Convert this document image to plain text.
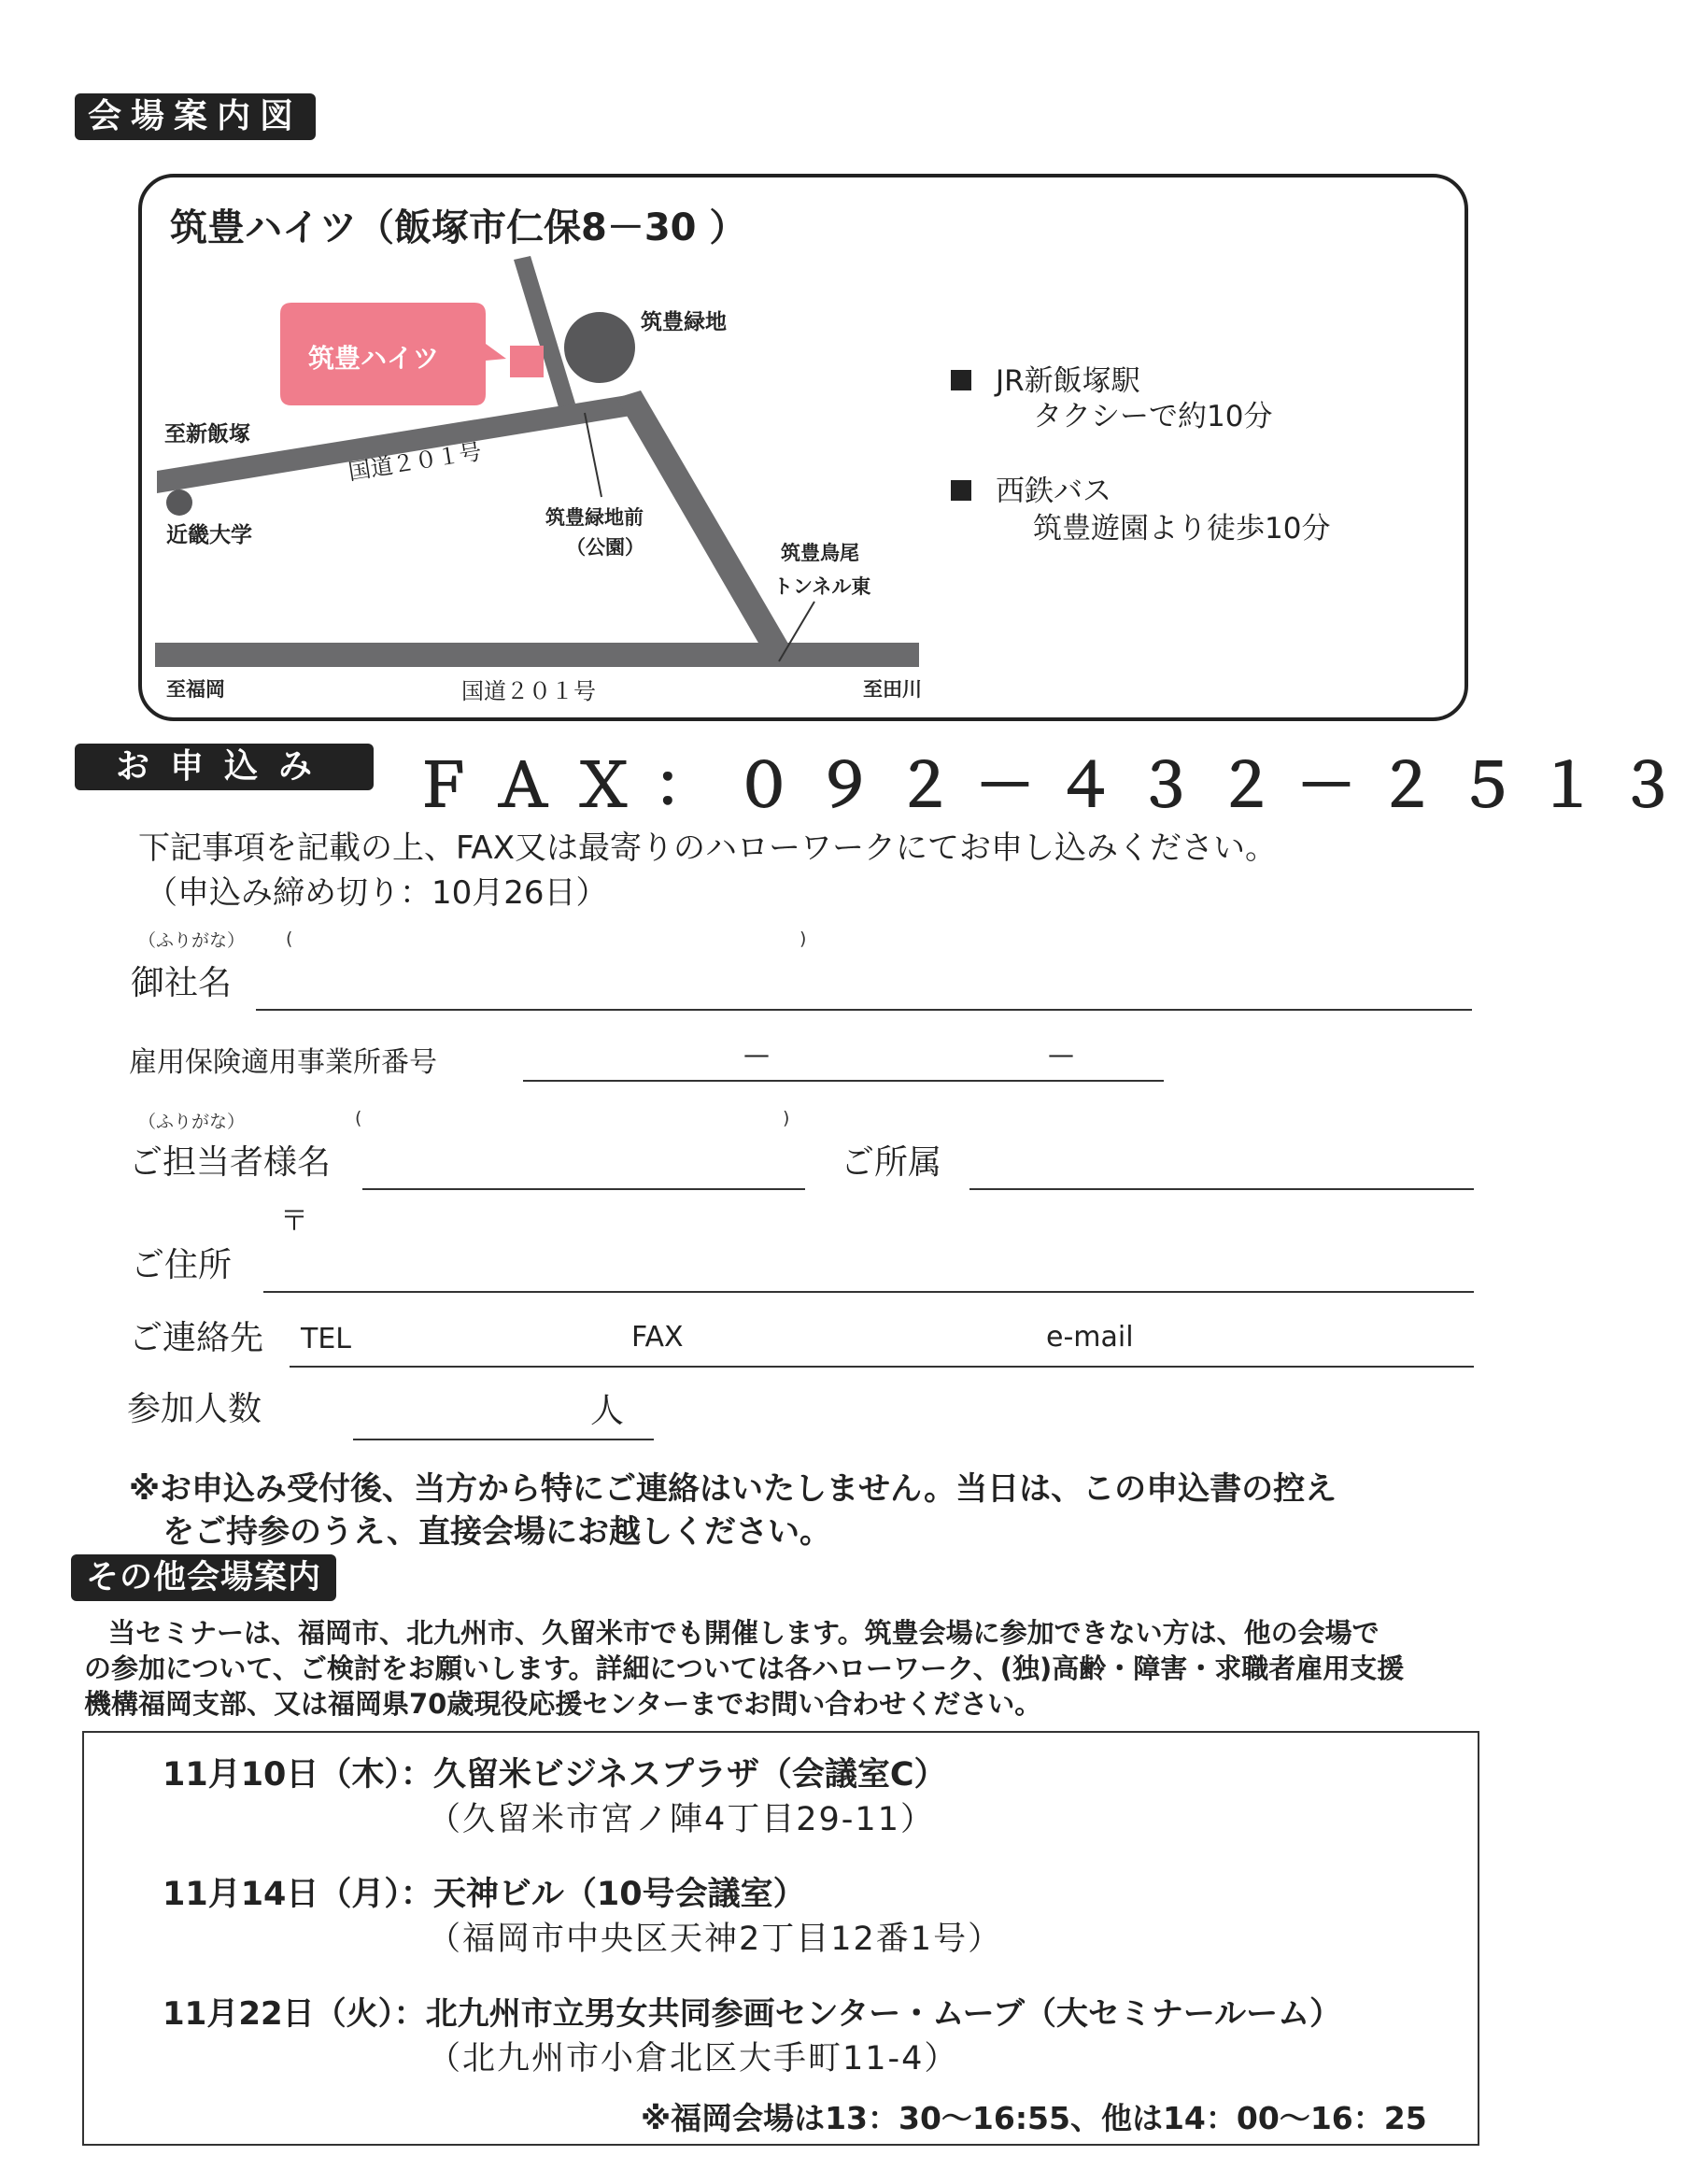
会場案内図
筑豊ハイツ（飯塚市仁保8－30 ）
筑豊ハイツ
筑豊緑地
至新飯塚
国道２０１号
近畿大学
筑豊緑地前
（公園）	筑豊鳥尾
トンネル東
至福岡	国道２０１号	至田川
JR新飯塚駅
タクシーで約10分
西鉄バス
筑豊遊園より徒歩10分
お申込み	ＦＡＸ：０９２－４３２－２５１３
下記事項を記載の上、FAX又は最寄りのハローワークにてお申し込みください。
（申込み締め切り：10月26日）
（ふりがな） (	)
御社名
雇用保険適用事業所番号	—	—
（ふりがな）	(	)
ご担当者様名	ご所属
〒
ご住所
ご連絡先 TEL	FAX	e-mail
参加人数	人
※お申込み受付後、当方から特にご連絡はいたしません。当日は、この申込書の控え
をご持参のうえ、直接会場にお越しください。
その他会場案内
当セミナーは、福岡市、北九州市、久留米市でも開催します。筑豊会場に参加できない方は、他の会場で
の参加について、ご検討をお願いします。詳細については各ハローワーク、(独)高齢・障害・求職者雇用支援
機構福岡支部、又は福岡県70歳現役応援センターまでお問い合わせください。
11月10日（木）：久留米ビジネスプラザ（会議室C）
（久留米市宮ノ陣4丁目29-11）
11月14日（月）：天神ビル（10号会議室）
（福岡市中央区天神2丁目12番1号）
11月22日（火）：北九州市立男女共同参画センター・ムーブ（大セミナールーム）
（北九州市小倉北区大手町11-4）
※福岡会場は13：30～16:55、他は14：00～16：25
